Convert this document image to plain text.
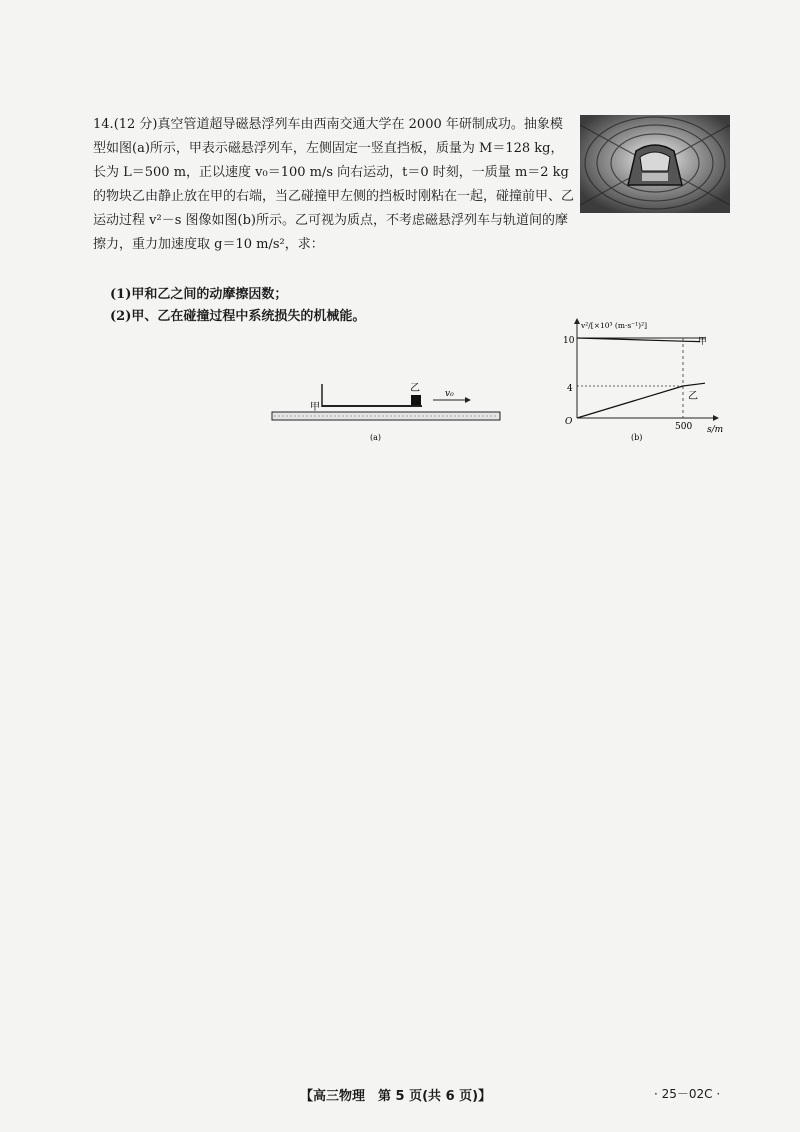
14.(12 分)真空管道超导磁悬浮列车由西南交通大学在 2000 年研制成功。抽象模型如图(a)所示，甲表示磁悬浮列车，左侧固定一竖直挡板，质量为 M＝128 kg，长为 L＝500 m，正以速度 v₀＝100 m/s 向右运动，t＝0 时刻，一质量 m＝2 kg 的物块乙由静止放在甲的右端，当乙碰撞甲左侧的挡板时刚粘在一起，碰撞前甲、乙运动过程 v²－s 图像如图(b)所示。乙可视为质点，不考虑磁悬浮列车与轨道间的摩擦力，重力加速度取 g＝10 m/s²，求：

(1)甲和乙之间的动摩擦因数；
(2)甲、乙在碰撞过程中系统损失的机械能。
甲
乙	v₀
(a)
v²/[×10³ (m·s⁻¹)²]
s/m
O
10
4
500
甲
乙
(b)
【高三物理　第 5 页(共 6 页)】	· 25－02C ·
